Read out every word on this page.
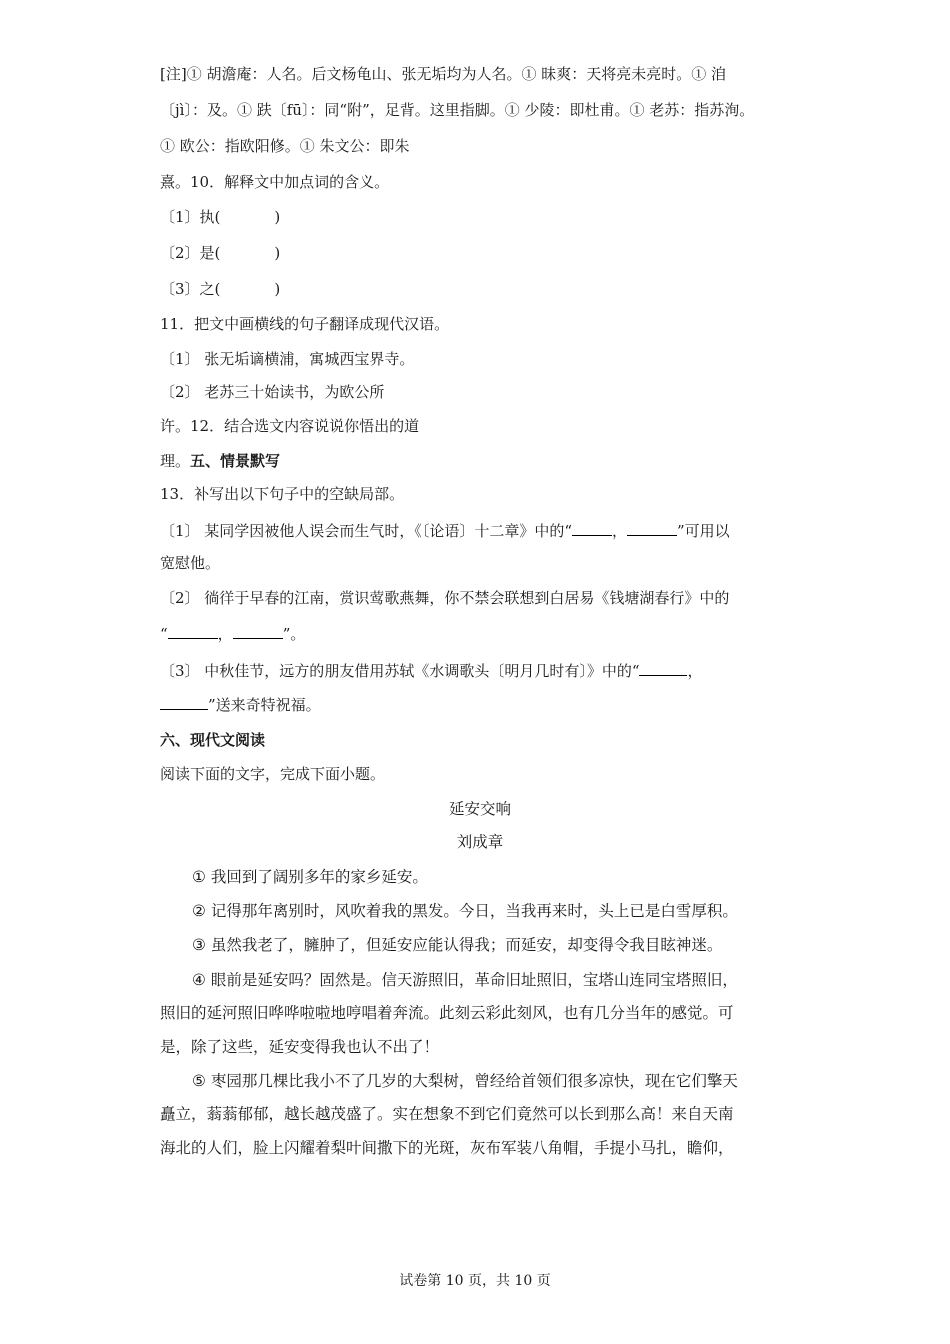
[注]① 胡澹庵：人名。后文杨龟山、张无垢均为人名。① 昧爽：天将亮未亮时。① 洎
〔jì〕：及。① 趺〔fū〕：同“附”，足背。这里指脚。① 少陵：即杜甫。① 老苏：指苏洵。
① 欧公：指欧阳修。① 朱文公：即朱
熹。10．解释文中加点词的含义。
〔1〕执(	)
〔2〕是(	)
〔3〕之(	)
11．把文中画横线的句子翻译成现代汉语。
〔1〕 张无垢谪横浦，寓城西宝界寺。
〔2〕 老苏三十始读书，为欧公所
许。12．结合选文内容说说你悟出的道
理。五、情景默写
13．补写出以下句子中的空缺局部。
〔1〕 某同学因被他人误会而生气时，《〔论语〕十二章》中的“	，	”可用以
宽慰他。
〔2〕 徜徉于早春的江南，赏识莺歌燕舞，你不禁会联想到白居易《钱塘湖春行》中的
“	，	”。
〔3〕 中秋佳节，远方的朋友借用苏轼《水调歌头〔明月几时有〕》中的“	，
”送来奇特祝福。
六、现代文阅读
阅读下面的文字，完成下面小题。
延安交响
刘成章
① 我回到了阔别多年的家乡延安。
② 记得那年离别时，风吹着我的黑发。今日，当我再来时，头上已是白雪厚积。
③ 虽然我老了，臃肿了，但延安应能认得我；而延安，却变得令我目眩神迷。
④ 眼前是延安吗？固然是。信天游照旧，革命旧址照旧，宝塔山连同宝塔照旧，
照旧的延河照旧哗哗啦啦地哼唱着奔流。此刻云彩此刻风，也有几分当年的感觉。可
是，除了这些，延安变得我也认不出了！
⑤ 枣园那几棵比我小不了几岁的大梨树，曾经给首领们很多凉快，现在它们擎天
矗立，蓊蓊郁郁，越长越茂盛了。实在想象不到它们竟然可以长到那么高！来自天南
海北的人们，脸上闪耀着梨叶间撒下的光斑，灰布军装八角帽，手提小马扎，瞻仰，
试卷第 10 页，共 10 页
